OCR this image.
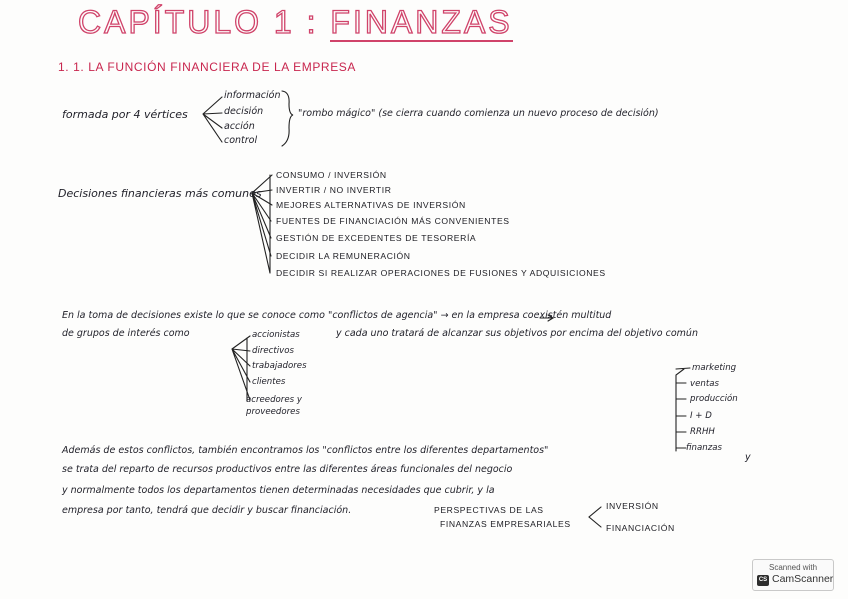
CAPÍTULO 1 : FINANZAS
1. 1. LA FUNCIÓN FINANCIERA DE LA EMPRESA
formada por 4 vértices
información
decisión
acción
control
"rombo mágico" (se cierra cuando comienza un nuevo proceso de decisión)
Decisiones financieras más comunes
CONSUMO / INVERSIÓN
INVERTIR / NO INVERTIR
MEJORES ALTERNATIVAS DE INVERSIÓN
FUENTES DE FINANCIACIÓN MÁS CONVENIENTES
GESTIÓN DE EXCEDENTES DE TESORERÍA
DECIDIR LA REMUNERACIÓN
DECIDIR SI REALIZAR OPERACIONES DE FUSIONES Y ADQUISICIONES
En la toma de decisiones existe lo que se conoce como "conflictos de agencia" → en la empresa coexistén multitud
de grupos de interés como	y cada uno tratará de alcanzar sus objetivos por encima del objetivo común
accionistas
directivos
trabajadores
clientes
acreedores y proveedores
marketing
ventas
producción
I + D
RRHH
finanzas
y
Además de estos conflictos, también encontramos los "conflictos entre los diferentes departamentos"
se trata del reparto de recursos productivos entre las diferentes áreas funcionales del negocio
y normalmente todos los departamentos tienen determinadas necesidades que cubrir, y la
empresa por tanto, tendrá que decidir y buscar financiación.	PERSPECTIVAS DE LAS
FINANZAS EMPRESARIALES
INVERSIÓN
FINANCIACIÓN
Scanned with
CS CamScanner
